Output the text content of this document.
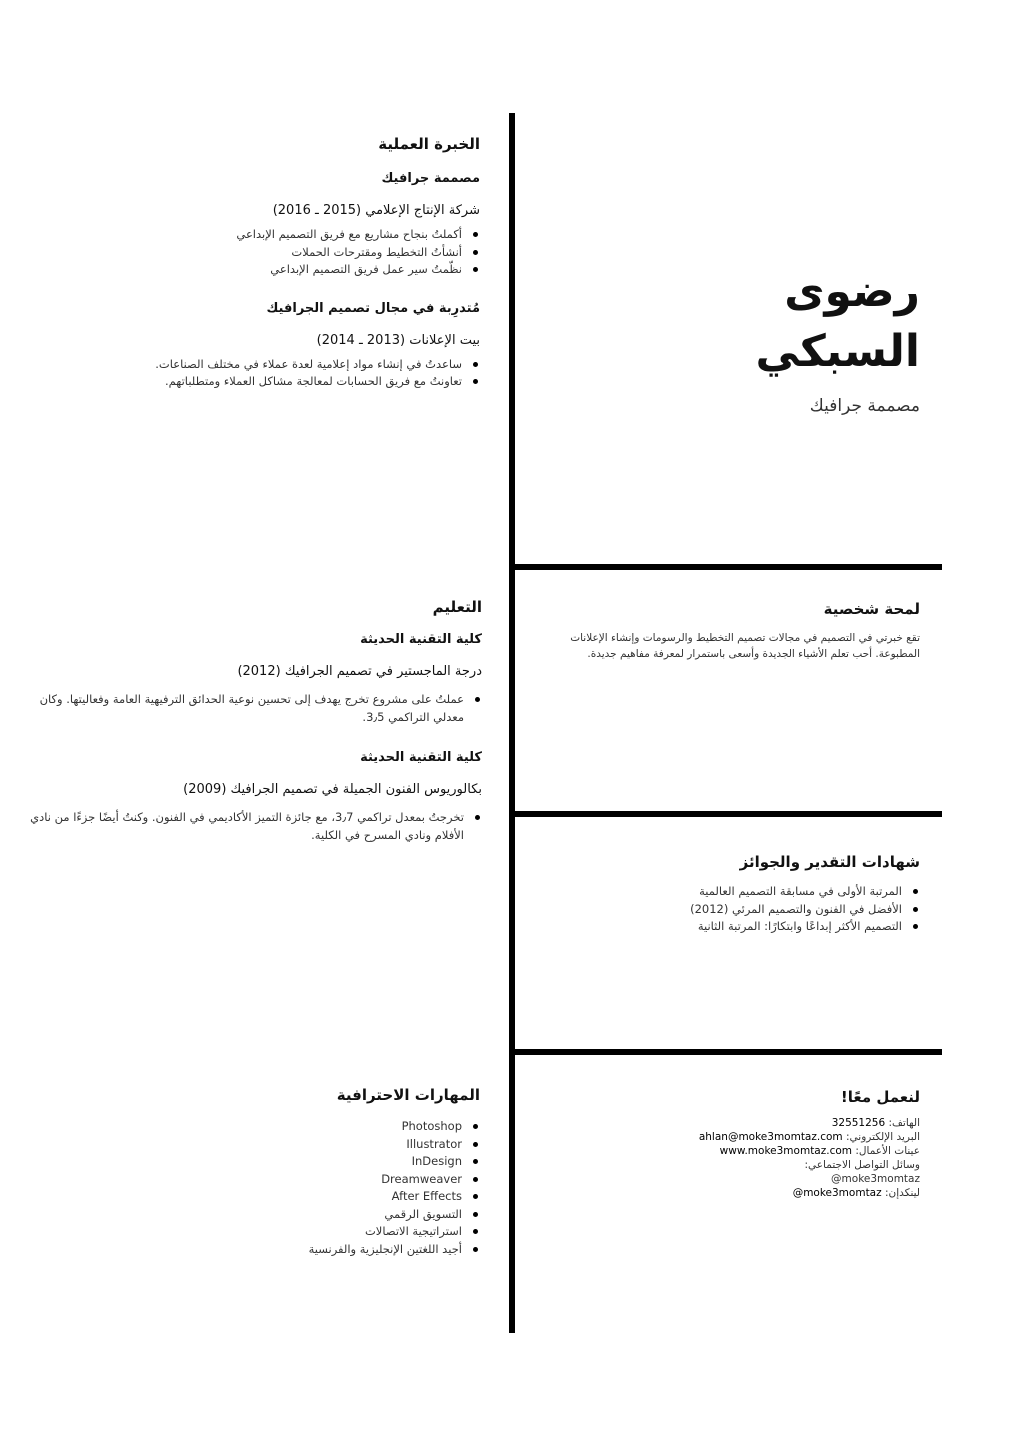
رضوى
السبكي
مصممة جرافيك
الخبرة العملية
مصممة جرافيك
شركة الإنتاج الإعلامي (2015 ـ 2016)
أكملتُ بنجاح مشاريع مع فريق التصميم الإبداعي
أنشأتُ التخطيط ومقترحات الحملات
نظّمتُ سير عمل فريق التصميم الإبداعي
مُتدرِبة في مجال تصميم الجرافيك
بيت الإعلانات (2013 ـ 2014)
ساعدتُ في إنشاء مواد إعلامية لعدة عملاء في مختلف الصناعات.
تعاونتُ مع فريق الحسابات لمعالجة مشاكل العملاء ومتطلباتهم.
لمحة شخصية
تقع خبرتي في التصميم في مجالات تصميم التخطيط والرسومات وإنشاء الإعلانات المطبوعة. أحب تعلم الأشياء الجديدة وأسعى باستمرار لمعرفة مفاهيم جديدة.
التعليم
كلية التقنية الحديثة
درجة الماجستير في تصميم الجرافيك (2012)
عملتُ على مشروع تخرج يهدف إلى تحسين نوعية الحدائق الترفيهية العامة وفعاليتها. وكان معدلي التراكمي 3٫5.
كلية التقنية الحديثة
بكالوريوس الفنون الجميلة في تصميم الجرافيك (2009)
تخرجتُ بمعدل تراكمي 3٫7، مع جائزة التميز الأكاديمي في الفنون. وكنتُ أيضًا جزءًا من نادي الأفلام ونادي المسرح في الكلية.
شهادات التقدير والجوائز
المرتبة الأولى في مسابقة التصميم العالمية
الأفضل في الفنون والتصميم المرئي (2012)
التصميم الأكثر إبداعًا وابتكارًا: المرتبة الثانية
المهارات الاحترافية
Photoshop
Illustrator
InDesign
Dreamweaver
After Effects
التسويق الرقمي
استراتيجية الاتصالات
أجيد اللغتين الإنجليزية والفرنسية
لنعمل معًا!
الهاتف: 32551256
البريد الإلكتروني: ahlan@moke3momtaz.com
عينات الأعمال: www.moke3momtaz.com
وسائل التواصل الاجتماعي:
@moke3momtaz
لينكدإن: @moke3momtaz
